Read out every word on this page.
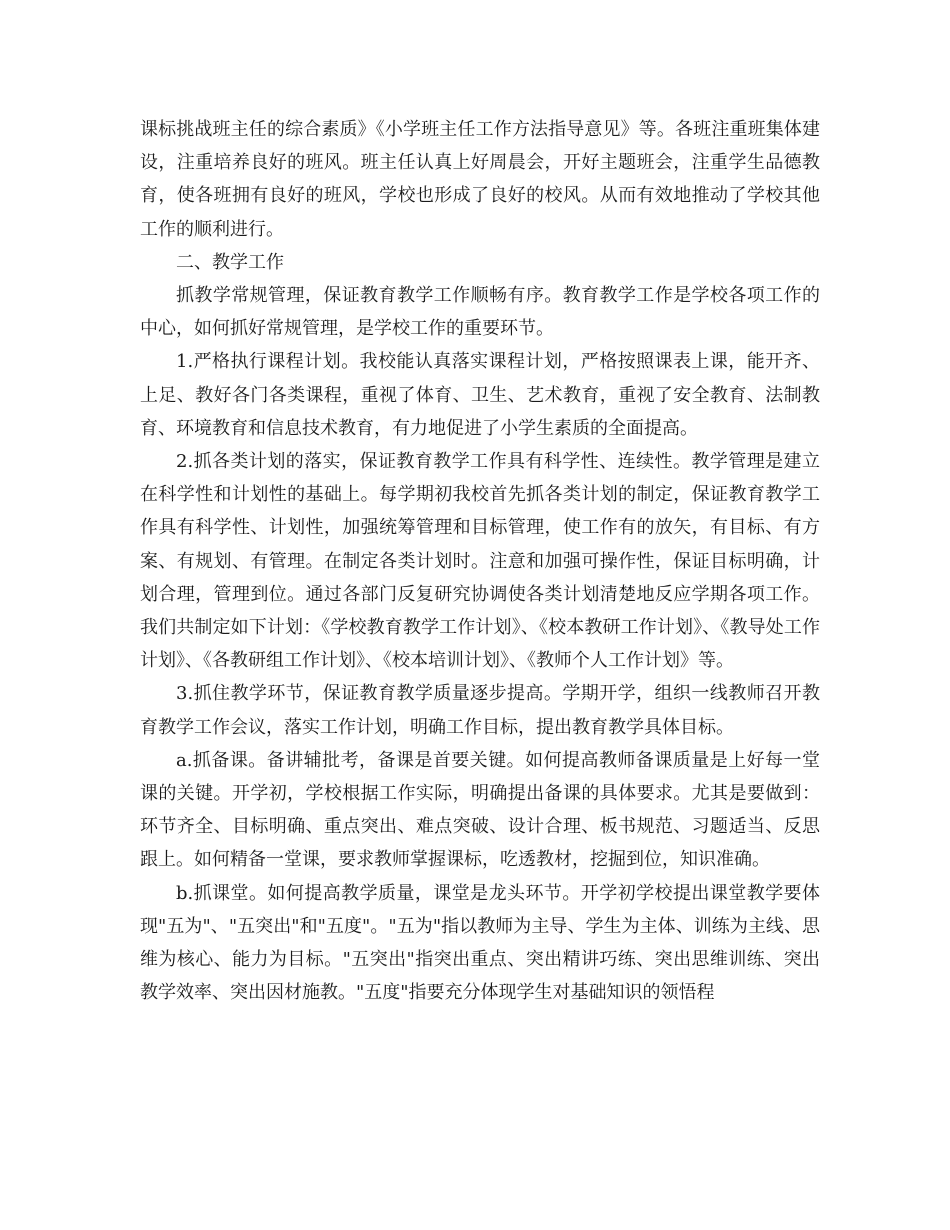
课标挑战班主任的综合素质》《小学班主任工作方法指导意见》等。各班注重班集体建设，注重培养良好的班风。班主任认真上好周晨会，开好主题班会，注重学生品德教育，使各班拥有良好的班风，学校也形成了良好的校风。从而有效地推动了学校其他工作的顺利进行。

二、教学工作

抓教学常规管理，保证教育教学工作顺畅有序。教育教学工作是学校各项工作的中心，如何抓好常规管理，是学校工作的重要环节。

1.严格执行课程计划。我校能认真落实课程计划，严格按照课表上课，能开齐、上足、教好各门各类课程，重视了体育、卫生、艺术教育，重视了安全教育、法制教育、环境教育和信息技术教育，有力地促进了小学生素质的全面提高。

2.抓各类计划的落实，保证教育教学工作具有科学性、连续性。教学管理是建立在科学性和计划性的基础上。每学期初我校首先抓各类计划的制定，保证教育教学工作具有科学性、计划性，加强统筹管理和目标管理，使工作有的放矢，有目标、有方案、有规划、有管理。在制定各类计划时。注意和加强可操作性，保证目标明确，计划合理，管理到位。通过各部门反复研究协调使各类计划清楚地反应学期各项工作。我们共制定如下计划：《学校教育教学工作计划》、《校本教研工作计划》、《教导处工作计划》、《各教研组工作计划》、《校本培训计划》、《教师个人工作计划》等。

3.抓住教学环节，保证教育教学质量逐步提高。学期开学，组织一线教师召开教育教学工作会议，落实工作计划，明确工作目标，提出教育教学具体目标。

a.抓备课。备讲辅批考，备课是首要关键。如何提高教师备课质量是上好每一堂课的关键。开学初，学校根据工作实际，明确提出备课的具体要求。尤其是要做到：环节齐全、目标明确、重点突出、难点突破、设计合理、板书规范、习题适当、反思跟上。如何精备一堂课，要求教师掌握课标，吃透教材，挖掘到位，知识准确。

b.抓课堂。如何提高教学质量，课堂是龙头环节。开学初学校提出课堂教学要体现"五为"、"五突出"和"五度"。"五为"指以教师为主导、学生为主体、训练为主线、思维为核心、能力为目标。"五突出"指突出重点、突出精讲巧练、突出思维训练、突出教学效率、突出因材施教。"五度"指要充分体现学生对基础知识的领悟程
